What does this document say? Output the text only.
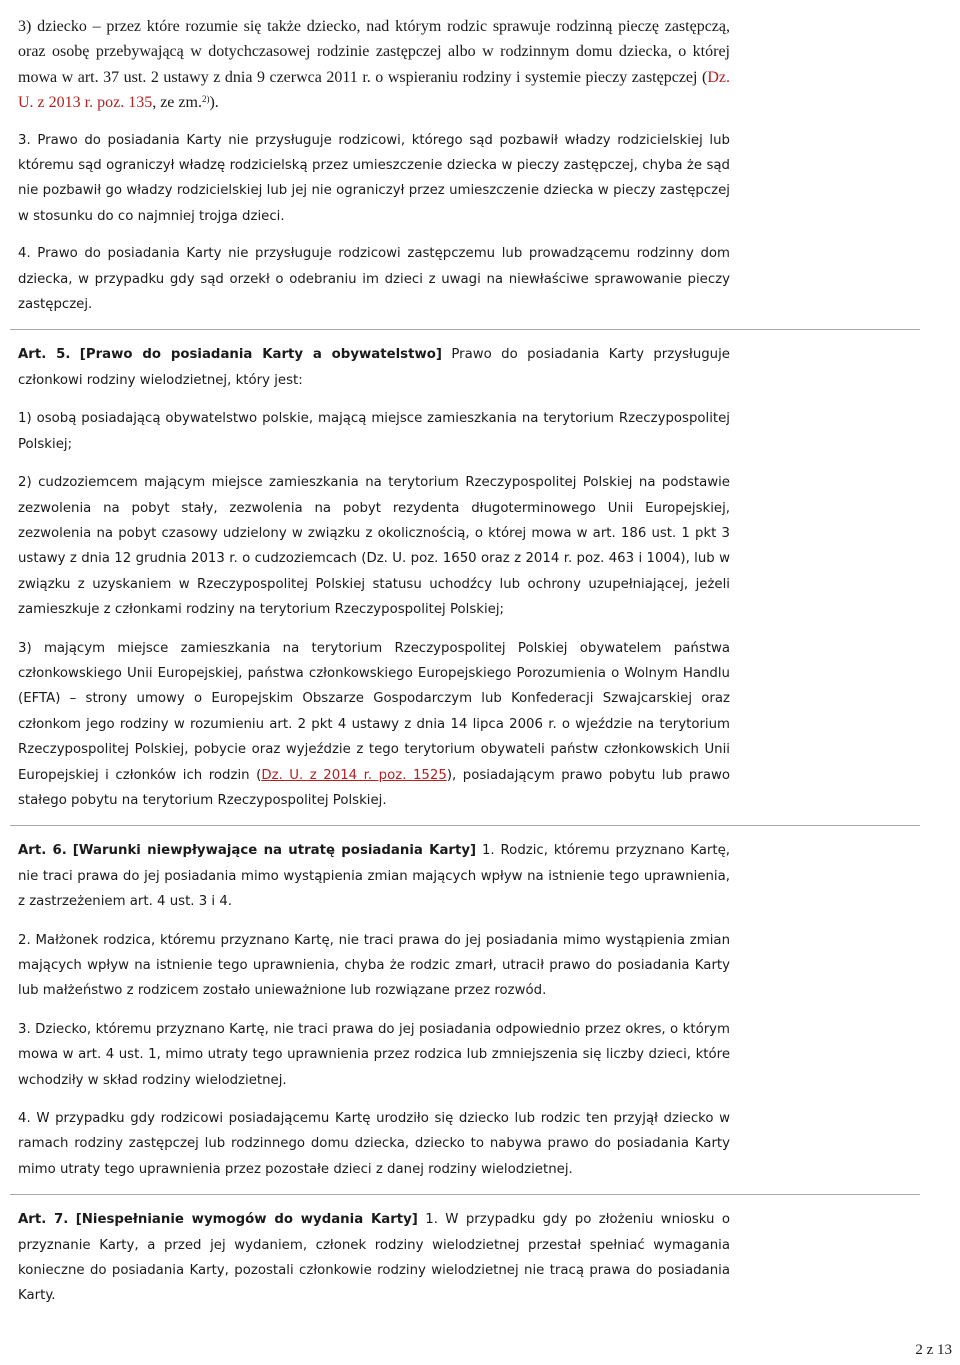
3) dziecko – przez które rozumie się także dziecko, nad którym rodzic sprawuje rodzinną pieczę zastępczą, oraz osobę przebywającą w dotychczasowej rodzinie zastępczej albo w rodzinnym domu dziecka, o której mowa w art. 37 ust. 2 ustawy z dnia 9 czerwca 2011 r. o wspieraniu rodziny i systemie pieczy zastępczej (Dz. U. z 2013 r. poz. 135, ze zm.$^{2)}$).

3. Prawo do posiadania Karty nie przysługuje rodzicowi, którego sąd pozbawił władzy rodzicielskiej lub któremu sąd ograniczył władzę rodzicielską przez umieszczenie dziecka w pieczy zastępczej, chyba że sąd nie pozbawił go władzy rodzicielskiej lub jej nie ograniczył przez umieszczenie dziecka w pieczy zastępczej w stosunku do co najmniej trojga dzieci.

4. Prawo do posiadania Karty nie przysługuje rodzicowi zastępczemu lub prowadzącemu rodzinny dom dziecka, w przypadku gdy sąd orzekł o odebraniu im dzieci z uwagi na niewłaściwe sprawowanie pieczy zastępczej.

Art. 5. [Prawo do posiadania Karty a obywatelstwo] Prawo do posiadania Karty przysługuje członkowi rodziny wielodzietnej, który jest:

1) osobą posiadającą obywatelstwo polskie, mającą miejsce zamieszkania na terytorium Rzeczypospolitej Polskiej;

2) cudzoziemcem mającym miejsce zamieszkania na terytorium Rzeczypospolitej Polskiej na podstawie zezwolenia na pobyt stały, zezwolenia na pobyt rezydenta długoterminowego Unii Europejskiej, zezwolenia na pobyt czasowy udzielony w związku z okolicznością, o której mowa w art. 186 ust. 1 pkt 3 ustawy z dnia 12 grudnia 2013 r. o cudzoziemcach (Dz. U. poz. 1650 oraz z 2014 r. poz. 463 i 1004), lub w związku z uzyskaniem w Rzeczypospolitej Polskiej statusu uchodźcy lub ochrony uzupełniającej, jeżeli zamieszkuje z członkami rodziny na terytorium Rzeczypospolitej Polskiej;

3) mającym miejsce zamieszkania na terytorium Rzeczypospolitej Polskiej obywatelem państwa członkowskiego Unii Europejskiej, państwa członkowskiego Europejskiego Porozumienia o Wolnym Handlu (EFTA) – strony umowy o Europejskim Obszarze Gospodarczym lub Konfederacji Szwajcarskiej oraz członkom jego rodziny w rozumieniu art. 2 pkt 4 ustawy z dnia 14 lipca 2006 r. o wjeździe na terytorium Rzeczypospolitej Polskiej, pobycie oraz wyjeździe z tego terytorium obywateli państw członkowskich Unii Europejskiej i członków ich rodzin (Dz. U. z 2014 r. poz. 1525), posiadającym prawo pobytu lub prawo stałego pobytu na terytorium Rzeczypospolitej Polskiej.

Art. 6. [Warunki niewpływające na utratę posiadania Karty] 1. Rodzic, któremu przyznano Kartę, nie traci prawa do jej posiadania mimo wystąpienia zmian mających wpływ na istnienie tego uprawnienia, z zastrzeżeniem art. 4 ust. 3 i 4.

2. Małżonek rodzica, któremu przyznano Kartę, nie traci prawa do jej posiadania mimo wystąpienia zmian mających wpływ na istnienie tego uprawnienia, chyba że rodzic zmarł, utracił prawo do posiadania Karty lub małżeństwo z rodzicem zostało unieważnione lub rozwiązane przez rozwód.

3. Dziecko, któremu przyznano Kartę, nie traci prawa do jej posiadania odpowiednio przez okres, o którym mowa w art. 4 ust. 1, mimo utraty tego uprawnienia przez rodzica lub zmniejszenia się liczby dzieci, które wchodziły w skład rodziny wielodzietnej.

4. W przypadku gdy rodzicowi posiadającemu Kartę urodziło się dziecko lub rodzic ten przyjął dziecko w ramach rodziny zastępczej lub rodzinnego domu dziecka, dziecko to nabywa prawo do posiadania Karty mimo utraty tego uprawnienia przez pozostałe dzieci z danej rodziny wielodzietnej.

Art. 7. [Niespełnianie wymogów do wydania Karty] 1. W przypadku gdy po złożeniu wniosku o przyznanie Karty, a przed jej wydaniem, członek rodziny wielodzietnej przestał spełniać wymagania konieczne do posiadania Karty, pozostali członkowie rodziny wielodzietnej nie tracą prawa do posiadania Karty.

2 z 13
